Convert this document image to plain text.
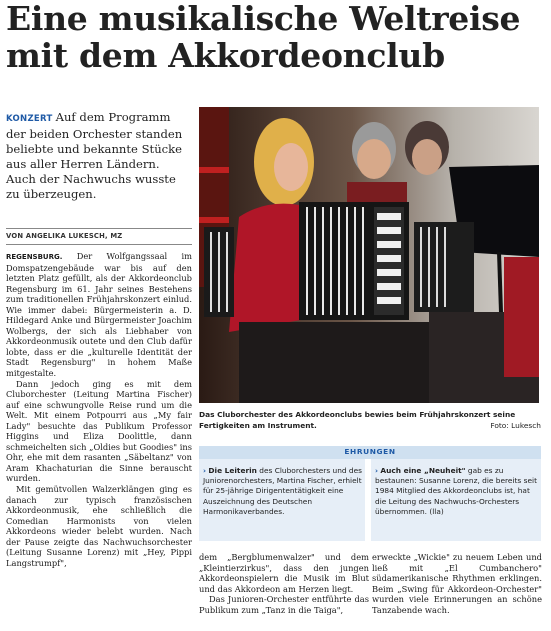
Eine musikalische Weltreise
mit dem Akkordeonclub
KONZERT Auf dem Programm der beiden Orchester standen beliebte und bekannte Stücke aus aller Herren Ländern. Auch der Nachwuchs wusste zu überzeugen.
VON ANGELIKA LUKESCH, MZ

REGENSBURG. Der Wolfgangssaal im Domspatzengebäude war bis auf den letzten Platz gefüllt, als der Akkordeonclub Regensburg im 61. Jahr seines Bestehens zum traditionellen Frühjahrskonzert einlud. Wie immer dabei: Bürgermeisterin a. D. Hildegard Anke und Bürgermeister Joachim Wolbergs, der sich als Liebhaber von Akkordeonmusik outete und den Club dafür lobte, dass er die „kulturelle Identität der Stadt Regensburg" in hohem Maße mitgestalte.

Dann jedoch ging es mit dem Cluborchester (Leitung Martina Fischer) auf eine schwungvolle Reise rund um die Welt. Mit einem Potpourri aus „My fair Lady" besuchte das Publikum Professor Higgins und Eliza Doolittle, dann schmeichelten sich „Oldies but Goodies" ins Ohr, ehe mit dem rasanten „Säbeltanz" von Aram Khachaturian die Sinne berauscht wurden.

Mit gemütvollen Walzerklängen ging es danach zur typisch französischen Akkordeonmusik, ehe schließlich die Comedian Harmonists von vielen Akkordeons wieder belebt wurden. Nach der Pause zeigte das Nachwuchsorchester (Leitung Susanne Lorenz) mit „Hey, Pippi Langstrumpf",

Das Cluborchester des Akkordeonclubs bewies beim Frühjahrskonzert seine Fertigkeiten am Instrument.	Foto: Lukesch
EHRUNGEN
› Die Leiterin des Cluborchesters und des Juniorenorchesters, Martina Fischer, erhielt für 25-jährige Dirigententätigkeit eine Auszeichnung des Deutschen Harmonikaverbandes.
› Auch eine „Neuheit" gab es zu bestaunen: Susanne Lorenz, die bereits seit 1984 Mitglied des Akkordeonclubs ist, hat die Leitung des Nachwuchs-Orchesters übernommen. (lla)

dem „Bergblumenwalzer" und dem „Kleintierzirkus", dass den jungen Akkordeonspielern die Musik im Blut und das Akkordeon am Herzen liegt.

Das Junioren-Orchester entführte das Publikum zum „Tanz in die Taiga",

erweckte „Wickie" zu neuem Leben und ließ mit „El Cumbanchero" südamerikanische Rhythmen erklingen. Beim „Swing für Akkordeon-Orchester" wurden viele Erinnerungen an schöne Tanzabende wach.
